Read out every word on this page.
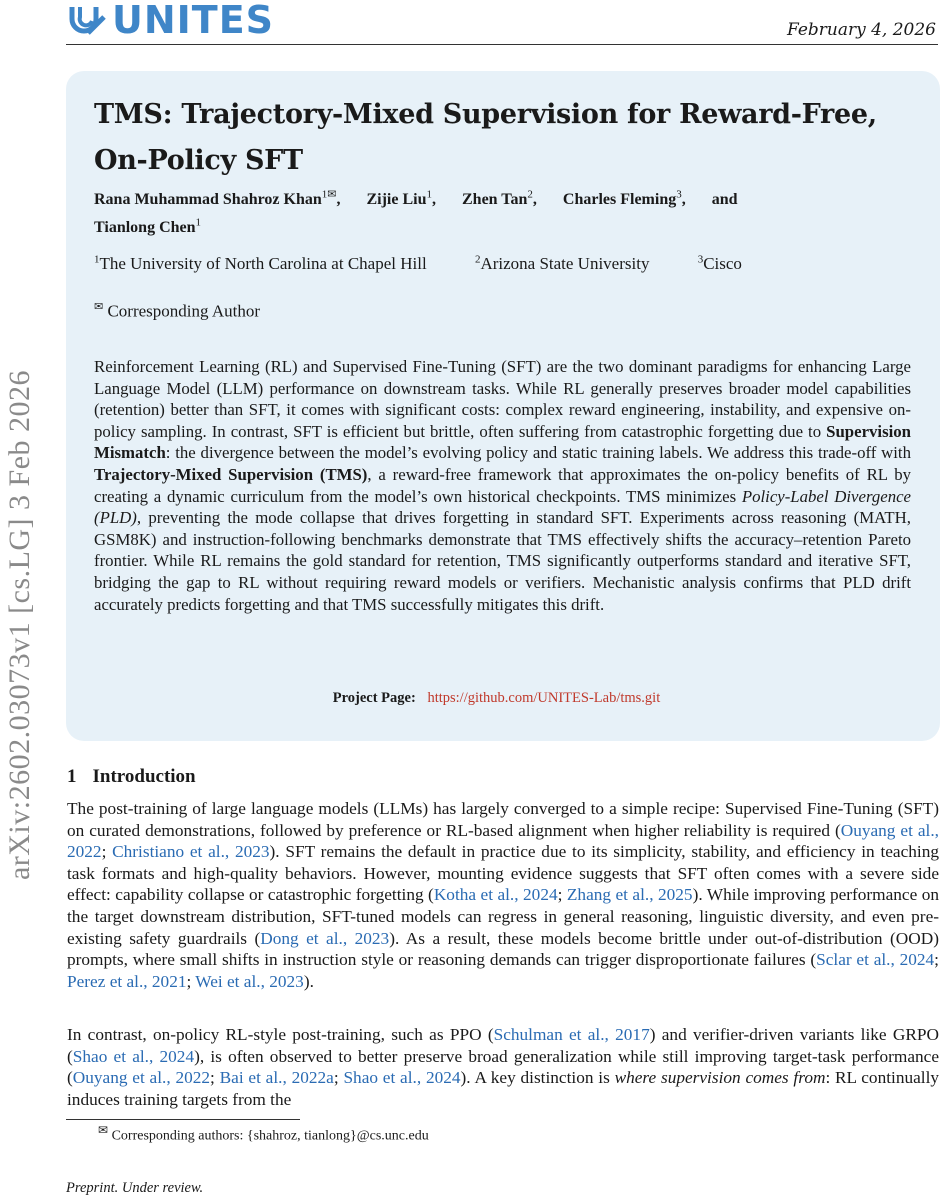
arXiv:2602.03073v1 [cs.LG] 3 Feb 2026
UNITES	February 4, 2026
TMS: Trajectory-Mixed Supervision for Reward-Free,
On-Policy SFT
Rana Muhammad Shahroz Khan$^{1✉}$, Zijie Liu$^1$, Zhen Tan$^2$, Charles Fleming$^3$, and
Tianlong Chen$^1$
$^1$The University of North Carolina at Chapel Hill	$^2$Arizona State University	$^3$Cisco
✉ Corresponding Author
Reinforcement Learning (RL) and Supervised Fine-Tuning (SFT) are the two dominant paradigms for enhancing Large Language Model (LLM) performance on downstream tasks. While RL generally preserves broader model capabilities (retention) better than SFT, it comes with significant costs: complex reward engineering, instability, and expensive on-policy sampling. In contrast, SFT is efficient but brittle, often suffering from catastrophic forgetting due to Supervision Mismatch: the divergence between the model’s evolving policy and static training labels. We address this trade-off with Trajectory-Mixed Supervision (TMS), a reward-free framework that approximates the on-policy benefits of RL by creating a dynamic curriculum from the model’s own historical checkpoints. TMS minimizes Policy-Label Divergence (PLD), preventing the mode collapse that drives forgetting in standard SFT. Experiments across reasoning (MATH, GSM8K) and instruction-following benchmarks demonstrate that TMS effectively shifts the accuracy–retention Pareto frontier. While RL remains the gold standard for retention, TMS significantly outperforms standard and iterative SFT, bridging the gap to RL without requiring reward models or verifiers. Mechanistic analysis confirms that PLD drift accurately predicts forgetting and that TMS successfully mitigates this drift.
Project Page: https://github.com/UNITES-Lab/tms.git
1 Introduction
The post-training of large language models (LLMs) has largely converged to a simple recipe: Supervised Fine-Tuning (SFT) on curated demonstrations, followed by preference or RL-based alignment when higher reliability is required (Ouyang et al., 2022; Christiano et al., 2023). SFT remains the default in practice due to its simplicity, stability, and efficiency in teaching task formats and high-quality behaviors. However, mounting evidence suggests that SFT often comes with a severe side effect: capability collapse or catastrophic forgetting (Kotha et al., 2024; Zhang et al., 2025). While improving performance on the target downstream distribution, SFT-tuned models can regress in general reasoning, linguistic diversity, and even pre-existing safety guardrails (Dong et al., 2023). As a result, these models become brittle under out-of-distribution (OOD) prompts, where small shifts in instruction style or reasoning demands can trigger disproportionate failures (Sclar et al., 2024; Perez et al., 2021; Wei et al., 2023).
In contrast, on-policy RL-style post-training, such as PPO (Schulman et al., 2017) and verifier-driven variants like GRPO (Shao et al., 2024), is often observed to better preserve broad generalization while still improving target-task performance (Ouyang et al., 2022; Bai et al., 2022a; Shao et al., 2024). A key distinction is where supervision comes from: RL continually induces training targets from the
✉ Corresponding authors: {shahroz, tianlong}@cs.unc.edu
Preprint. Under review.
